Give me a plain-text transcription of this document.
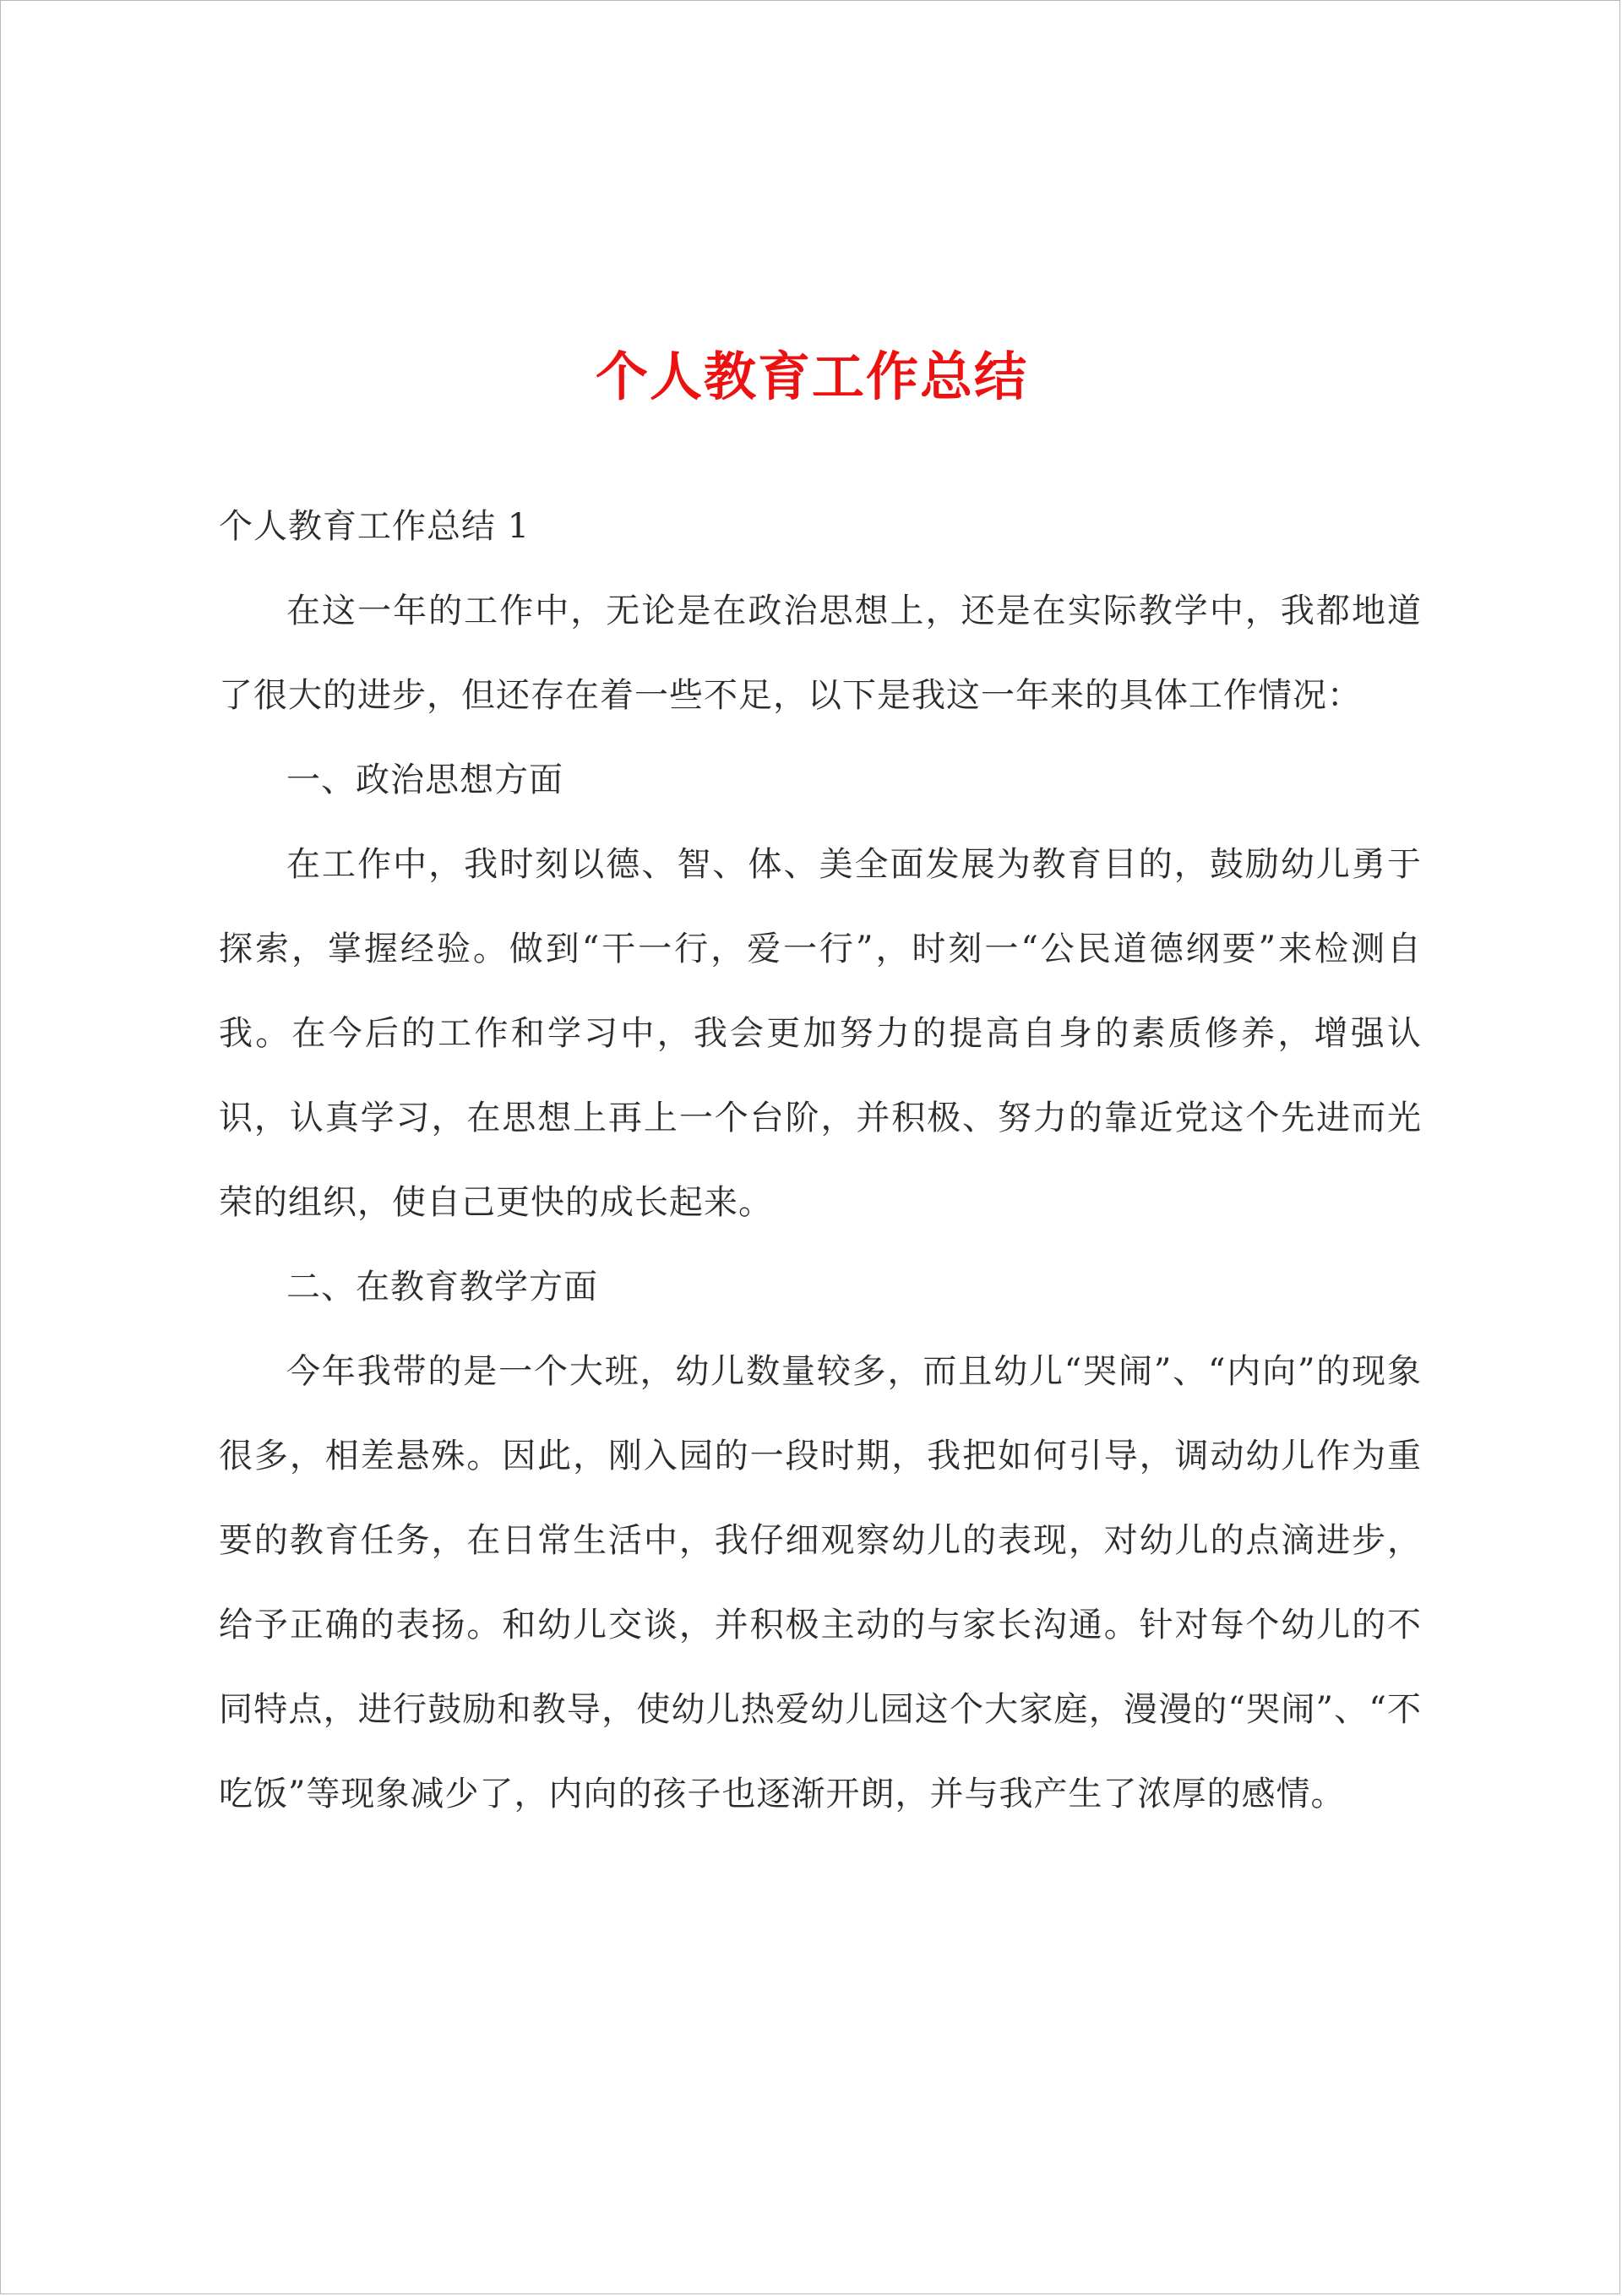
个人教育工作总结

个人教育工作总结 1

在这一年的工作中，无论是在政治思想上，还是在实际教学中，我都地道了很大的进步，但还存在着一些不足，以下是我这一年来的具体工作情况：

一、政治思想方面

在工作中，我时刻以德、智、体、美全面发展为教育目的，鼓励幼儿勇于探索，掌握经验。做到“干一行，爱一行”，时刻一“公民道德纲要”来检测自我。在今后的工作和学习中，我会更加努力的提高自身的素质修养，增强认识，认真学习，在思想上再上一个台阶，并积极、努力的靠近党这个先进而光荣的组织，使自己更快的成长起来。

二、在教育教学方面

今年我带的是一个大班，幼儿数量较多，而且幼儿“哭闹”、“内向”的现象很多，相差悬殊。因此，刚入园的一段时期，我把如何引导，调动幼儿作为重要的教育任务，在日常生活中，我仔细观察幼儿的表现，对幼儿的点滴进步，给予正确的表扬。和幼儿交谈，并积极主动的与家长沟通。针对每个幼儿的不同特点，进行鼓励和教导，使幼儿热爱幼儿园这个大家庭，漫漫的“哭闹”、“不吃饭”等现象减少了，内向的孩子也逐渐开朗，并与我产生了浓厚的感情。
